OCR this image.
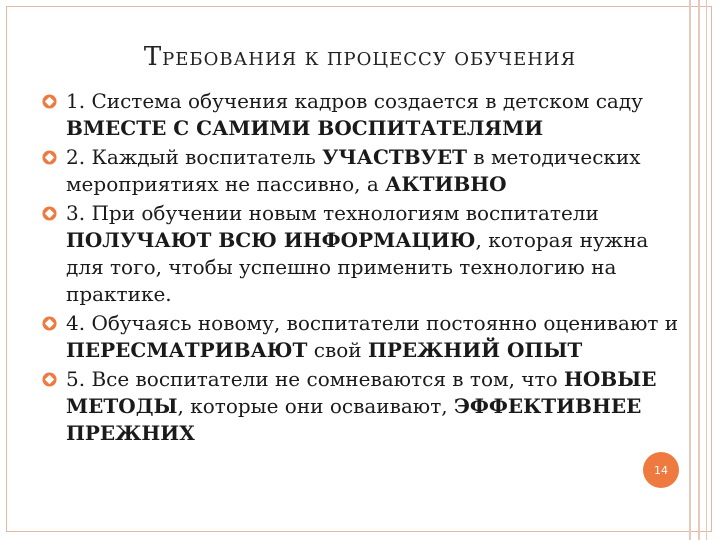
ТРЕБОВАНИЯ К ПРОЦЕССУ ОБУЧЕНИЯ
1. Система обучения кадров создается в детском саду ВМЕСТЕ С САМИМИ ВОСПИТАТЕЛЯМИ
2. Каждый воспитатель УЧАСТВУЕТ в методических мероприятиях не пассивно, а АКТИВНО
3. При обучении новым технологиям воспитатели ПОЛУЧАЮТ ВСЮ ИНФОРМАЦИЮ, которая нужна для того, чтобы успешно применить технологию на практике.
4. Обучаясь новому, воспитатели постоянно оценивают и ПЕРЕСМАТРИВАЮТ свой ПРЕЖНИЙ ОПЫТ
5. Все воспитатели не сомневаются в том, что НОВЫЕ МЕТОДЫ, которые они осваивают, ЭФФЕКТИВНЕЕ ПРЕЖНИХ
14
